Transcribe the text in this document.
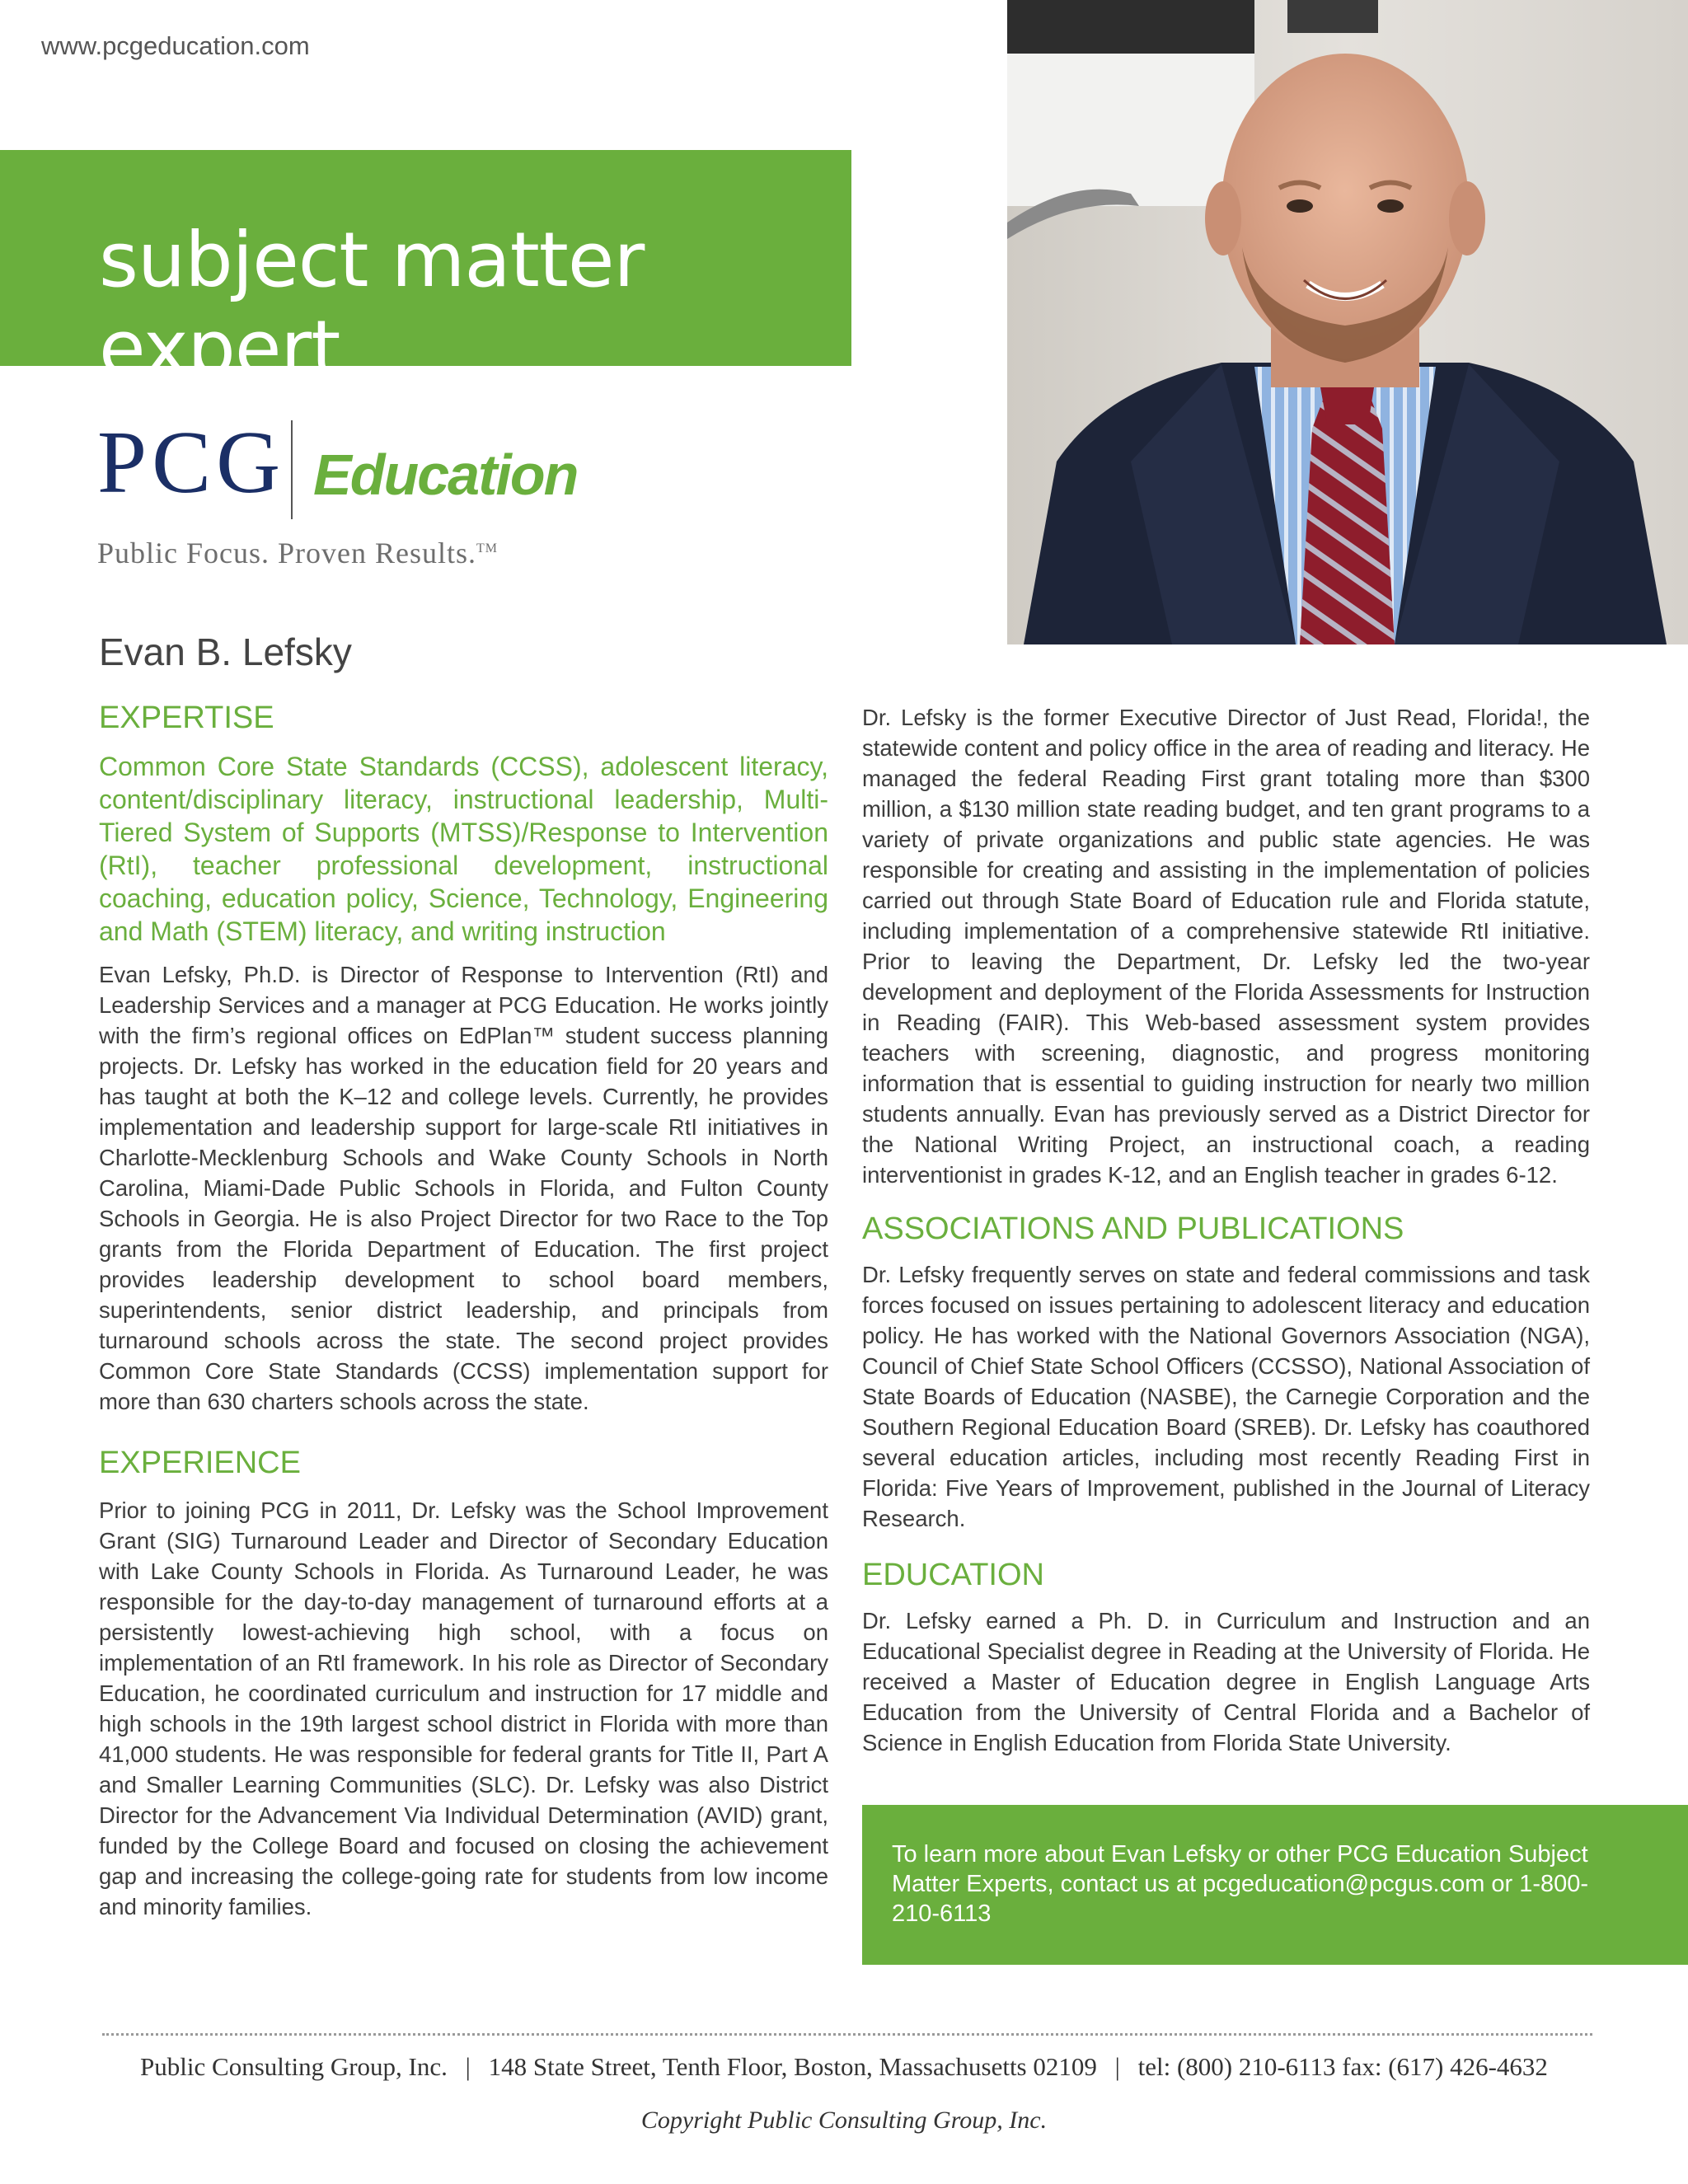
www.pcgeducation.com
subject matter expert
PCG Education
Public Focus. Proven Results.™
Evan B. Lefsky
EXPERTISE
Common Core State Standards (CCSS), adolescent literacy, content/disciplinary literacy, instructional leadership, Multi-Tiered System of Supports (MTSS)/Response to Intervention (RtI), teacher professional development, instructional coaching, education policy, Science, Technology, Engineering and Math (STEM) literacy, and writing instruction
Evan Lefsky, Ph.D. is Director of Response to Intervention (RtI) and Leadership Services and a manager at PCG Education. He works jointly with the firm’s regional offices on EdPlan™ student success planning projects. Dr. Lefsky has worked in the education field for 20 years and has taught at both the K–12 and college levels. Currently, he provides implementation and leadership support for large-scale RtI initiatives in Charlotte-Mecklenburg Schools and Wake County Schools in North Carolina, Miami-Dade Public Schools in Florida, and Fulton County Schools in Georgia. He is also Project Director for two Race to the Top grants from the Florida Department of Education. The first project provides leadership development to school board members, superintendents, senior district leadership, and principals from turnaround schools across the state. The second project provides Common Core State Standards (CCSS) implementation support for more than 630 charters schools across the state.
EXPERIENCE
Prior to joining PCG in 2011, Dr. Lefsky was the School Improvement Grant (SIG) Turnaround Leader and Director of Secondary Education with Lake County Schools in Florida. As Turnaround Leader, he was responsible for the day-to-day management of turnaround efforts at a persistently lowest-achieving high school, with a focus on implementation of an RtI framework. In his role as Director of Secondary Education, he coordinated curriculum and instruction for 17 middle and high schools in the 19th largest school district in Florida with more than 41,000 students. He was responsible for federal grants for Title II, Part A and Smaller Learning Communities (SLC). Dr. Lefsky was also District Director for the Advancement Via Individual Determination (AVID) grant, funded by the College Board and focused on closing the achievement gap and increasing the college-going rate for students from low income and minority families.
Dr. Lefsky is the former Executive Director of Just Read, Florida!, the statewide content and policy office in the area of reading and literacy. He managed the federal Reading First grant totaling more than $300 million, a $130 million state reading budget, and ten grant programs to a variety of private organizations and public state agencies. He was responsible for creating and assisting in the implementation of policies carried out through State Board of Education rule and Florida statute, including implementation of a comprehensive statewide RtI initiative. Prior to leaving the Department, Dr. Lefsky led the two-year development and deployment of the Florida Assessments for Instruction in Reading (FAIR). This Web-based assessment system provides teachers with screening, diagnostic, and progress monitoring information that is essential to guiding instruction for nearly two million students annually. Evan has previously served as a District Director for the National Writing Project, an instructional coach, a reading interventionist in grades K-12, and an English teacher in grades 6-12.
ASSOCIATIONS AND PUBLICATIONS
Dr. Lefsky frequently serves on state and federal commissions and task forces focused on issues pertaining to adolescent literacy and education policy. He has worked with the National Governors Association (NGA), Council of Chief State School Officers (CCSSO), National Association of State Boards of Education (NASBE), the Carnegie Corporation and the Southern Regional Education Board (SREB). Dr. Lefsky has coauthored several education articles, including most recently Reading First in Florida: Five Years of Improvement, published in the Journal of Literacy Research.
EDUCATION
Dr. Lefsky earned a Ph. D. in Curriculum and Instruction and an Educational Specialist degree in Reading at the University of Florida. He received a Master of Education degree in English Language Arts Education from the University of Central Florida and a Bachelor of Science in English Education from Florida State University.

To learn more about Evan Lefsky or other PCG Education Subject Matter Experts, contact us at pcgeducation@pcgus.com or 1-800-210-6113

Public Consulting Group, Inc. | 148 State Street, Tenth Floor, Boston, Massachusetts 02109 | tel: (800) 210-6113 fax: (617) 426-4632
Copyright Public Consulting Group, Inc.
